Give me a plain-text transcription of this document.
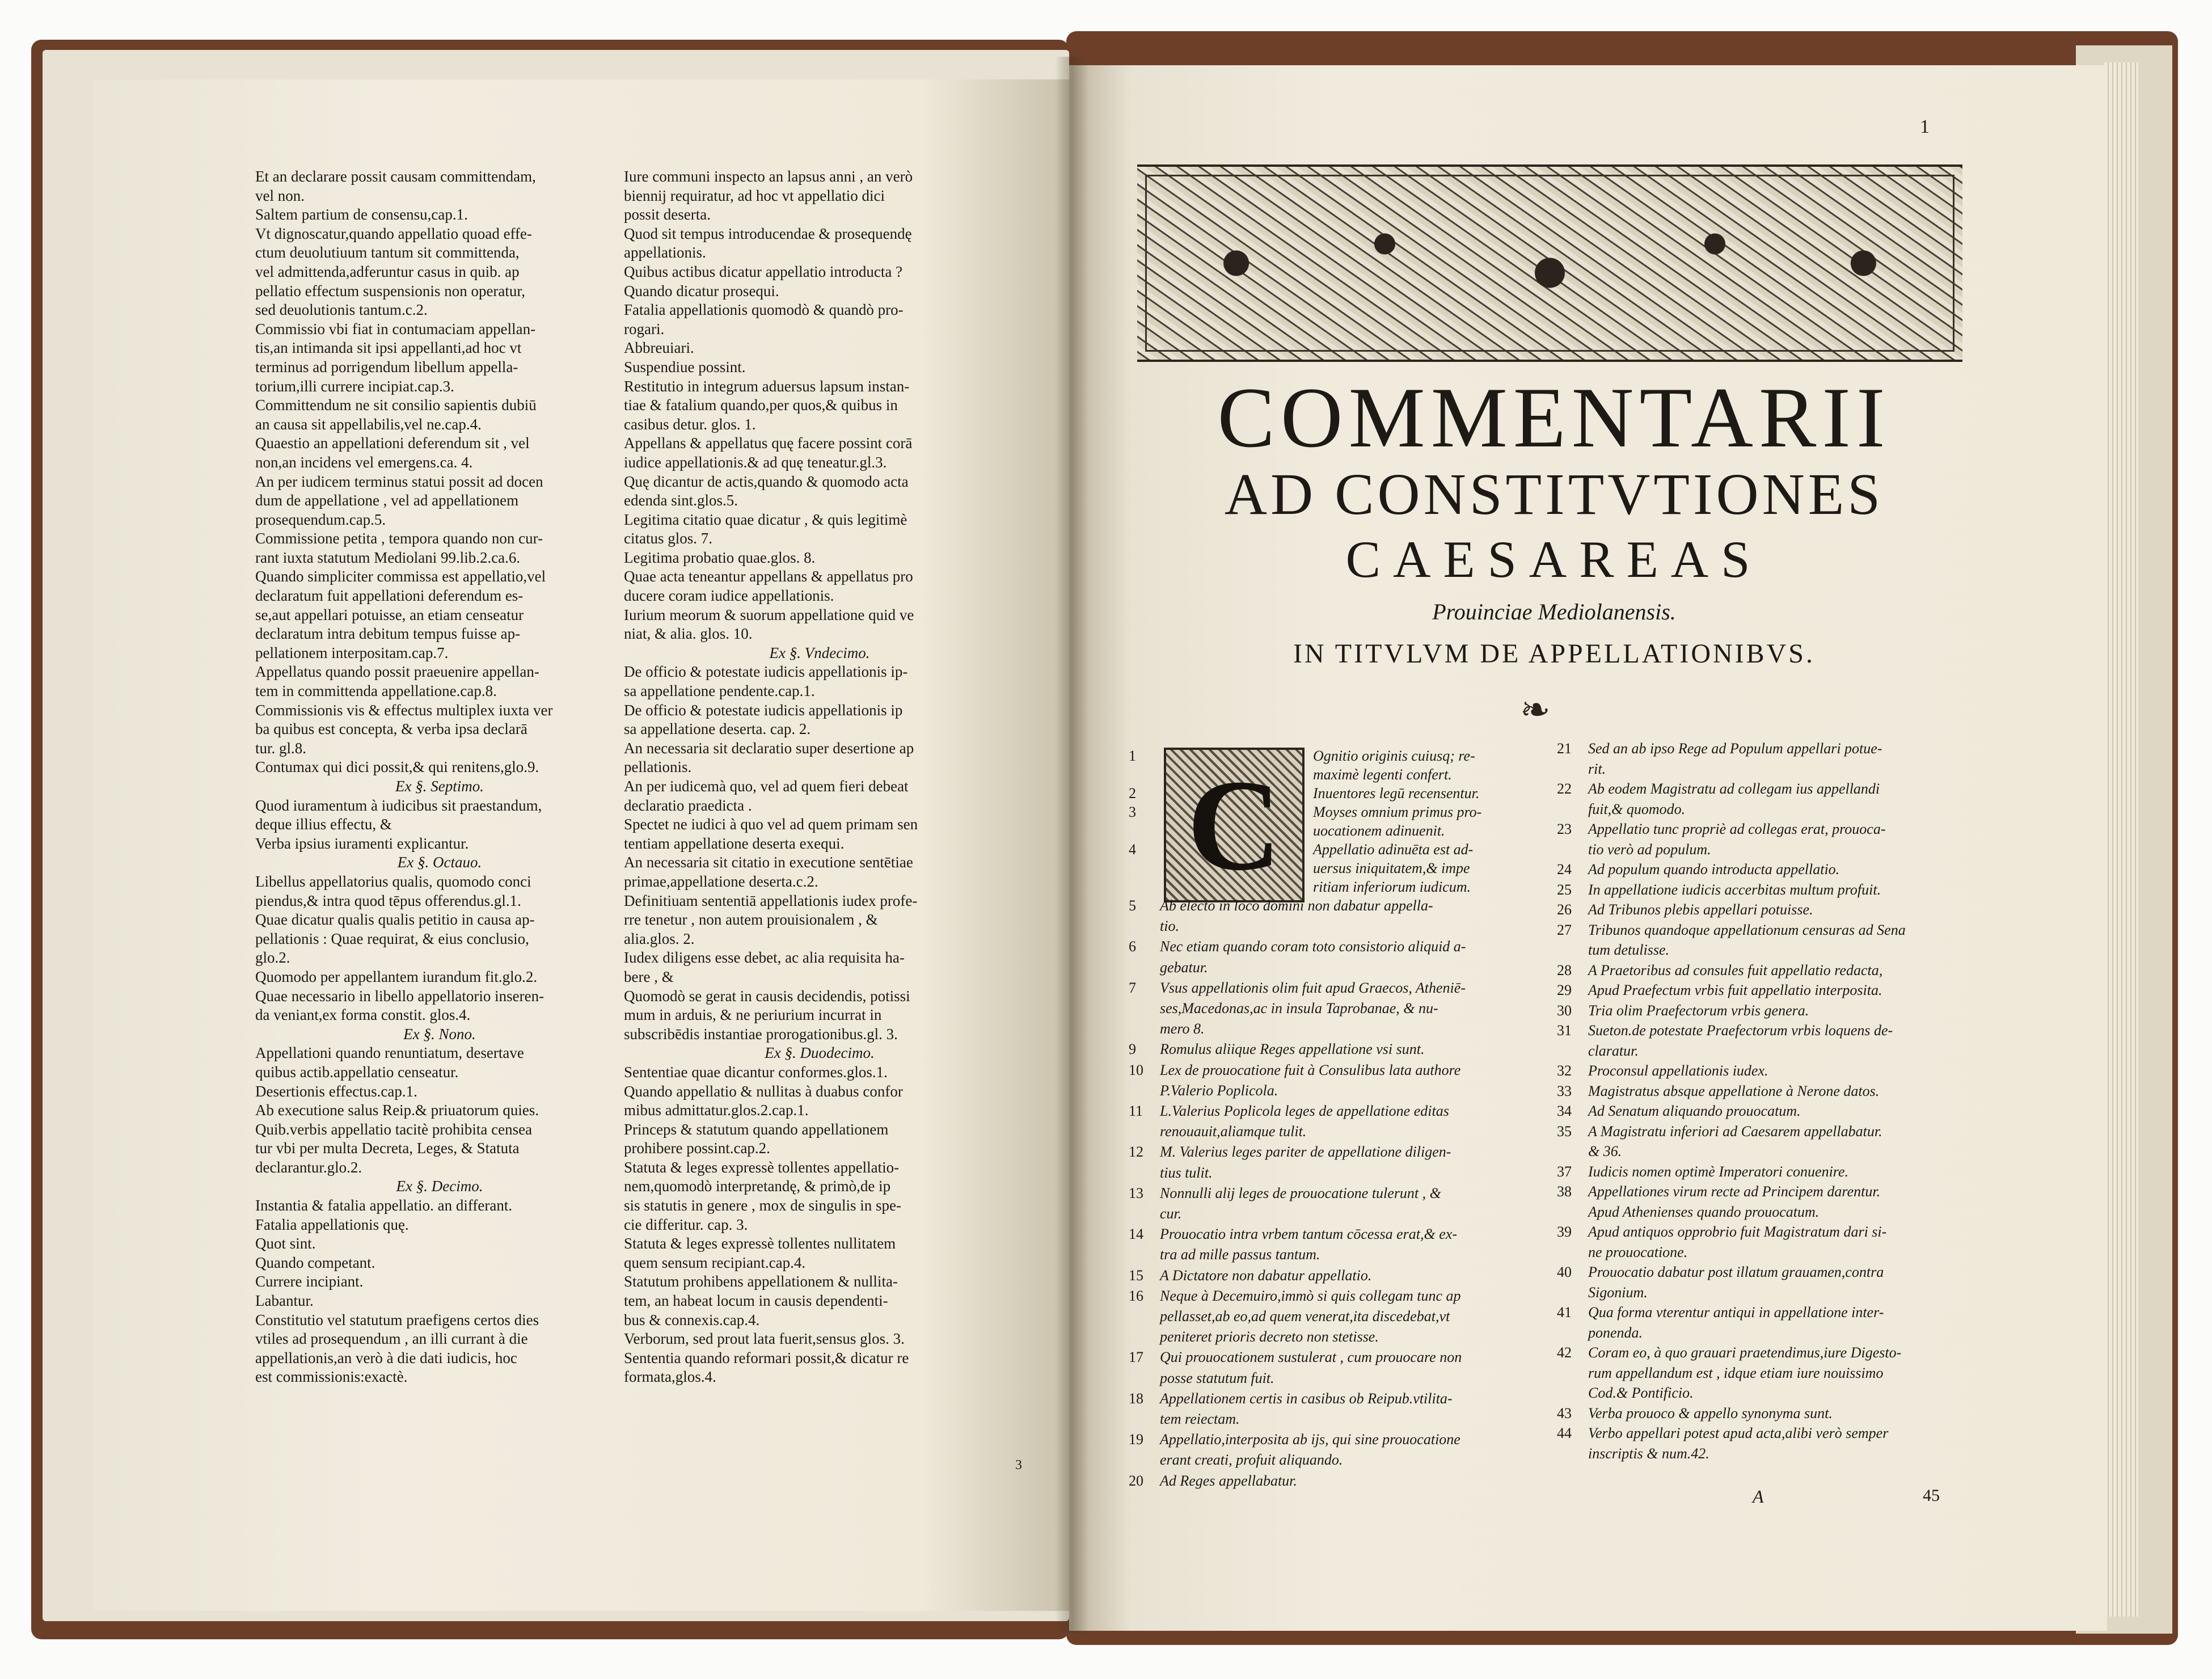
Et an declarare possit causam committendam,
vel non.
Saltem partium de consensu,cap.1.
Vt dignoscatur,quando appellatio quoad effe-
ctum deuolutiuum tantum sit committenda,
vel admittenda,adferuntur casus in quib. ap
pellatio effectum suspensionis non operatur,
sed deuolutionis tantum.c.2.
Commissio vbi fiat in contumaciam appellan-
tis,an intimanda sit ipsi appellanti,ad hoc vt
terminus ad porrigendum libellum appella-
torium,illi currere incipiat.cap.3.
Committendum ne sit consilio sapientis dubiū
an causa sit appellabilis,vel ne.cap.4.
Quaestio an appellationi deferendum sit , vel
non,an incidens vel emergens.ca. 4.
An per iudicem terminus statui possit ad docen
dum de appellatione , vel ad appellationem
prosequendum.cap.5.
Commissione petita , tempora quando non cur-
rant iuxta statutum Mediolani 99.lib.2.ca.6.
Quando simpliciter commissa est appellatio,vel
declaratum fuit appellationi deferendum es-
se,aut appellari potuisse, an etiam censeatur
declaratum intra debitum tempus fuisse ap-
pellationem interpositam.cap.7.
Appellatus quando possit praeuenire appellan-
tem in committenda appellatione.cap.8.
Commissionis vis & effectus multiplex iuxta ver
ba quibus est concepta, & verba ipsa declarā
tur. gl.8.
Contumax qui dici possit,& qui renitens,glo.9.
Ex §. Septimo.
Quod iuramentum à iudicibus sit praestandum,
deque illius effectu, &
Verba ipsius iuramenti explicantur.
Ex §. Octauo.
Libellus appellatorius qualis, quomodo conci
piendus,& intra quod tēpus offerendus.gl.1.
Quae dicatur qualis qualis petitio in causa ap-
pellationis : Quae requirat, & eius conclusio,
glo.2.
Quomodo per appellantem iurandum fit.glo.2.
Quae necessario in libello appellatorio inseren-
da veniant,ex forma constit. glos.4.
Ex §. Nono.
Appellationi quando renuntiatum, desertave
quibus actib.appellatio censeatur.
Desertionis effectus.cap.1.
Ab executione salus Reip.& priuatorum quies.
Quib.verbis appellatio tacitè prohibita censea
tur vbi per multa Decreta, Leges, & Statuta
declarantur.glo.2.
Ex §. Decimo.
Instantia & fatalia appellatio. an differant.
Fatalia appellationis quę.
Quot sint.
Quando competant.
Currere incipiant.
Labantur.
Constitutio vel statutum praefigens certos dies
vtiles ad prosequendum , an illi currant à die
appellationis,an verò à die dati iudicis, hoc
est commissionis:exactè.
Iure communi inspecto an lapsus anni , an verò
biennij requiratur, ad hoc vt appellatio dici
possit deserta.
Quod sit tempus introducendae & prosequendę
appellationis.
Quibus actibus dicatur appellatio introducta ?
Quando dicatur prosequi.
Fatalia appellationis quomodò & quandò pro-
rogari.
Abbreuiari.
Suspendiue possint.
Restitutio in integrum aduersus lapsum instan-
tiae & fatalium quando,per quos,& quibus in
casibus detur. glos. 1.
Appellans & appellatus quę facere possint corā
iudice appellationis.& ad quę teneatur.gl.3.
Quę dicantur de actis,quando & quomodo acta
edenda sint.glos.5.
Legitima citatio quae dicatur , & quis legitimè
citatus glos. 7.
Legitima probatio quae.glos. 8.
Quae acta teneantur appellans & appellatus pro
ducere coram iudice appellationis.
Iurium meorum & suorum appellatione quid ve
niat, & alia. glos. 10.
Ex §. Vndecimo.
De officio & potestate iudicis appellationis ip-
sa appellatione pendente.cap.1.
De officio & potestate iudicis appellationis ip
sa appellatione deserta. cap. 2.
An necessaria sit declaratio super desertione ap
pellationis.
An per iudicemà quo, vel ad quem fieri debeat
declaratio praedicta .
Spectet ne iudici à quo vel ad quem primam sen
tentiam appellatione deserta exequi.
An necessaria sit citatio in executione sentētiae
primae,appellatione deserta.c.2.
Definitiuam sententiā appellationis iudex profe-
rre tenetur , non autem prouisionalem , &
alia.glos. 2.
Iudex diligens esse debet, ac alia requisita ha-
bere , &
Quomodò se gerat in causis decidendis, potissi
mum in arduis, & ne periurium incurrat in
subscribēdis instantiae prorogationibus.gl. 3.
Ex §. Duodecimo.
Sententiae quae dicantur conformes.glos.1.
Quando appellatio & nullitas à duabus confor
mibus admittatur.glos.2.cap.1.
Princeps & statutum quando appellationem
prohibere possint.cap.2.
Statuta & leges expressè tollentes appellatio-
nem,quomodò interpretandę, & primò,de ip
sis statutis in genere , mox de singulis in spe-
cie differitur. cap. 3.
Statuta & leges expressè tollentes nullitatem
quem sensum recipiant.cap.4.
Statutum prohibens appellationem & nullita-
tem, an habeat locum in causis dependenti-
bus & connexis.cap.4.
Verborum, sed prout lata fuerit,sensus glos. 3.
Sententia quando reformari possit,& dicatur re
formata,glos.4.
3
1
COMMENTARII
AD CONSTITVTIONES
CAESAREAS
Prouinciae Mediolanensis.
IN TITVLVM DE APPELLATIONIBVS.
❧
C
1	Ognitio originis cuiusq; re-
maximè legenti confert.
2	Inuentores legū recensentur.
3	Moyses omnium primus pro-
uocationem adinuenit.
4	Appellatio adinuēta est ad-
uersus iniquitatem,& impe
ritiam inferiorum iudicum.
5 Ab electo in loco domini non dabatur appella-
tio.
6 Nec etiam quando coram toto consistorio aliquid a-
gebatur.
7 Vsus appellationis olim fuit apud Graecos, Atheniē-
ses,Macedonas,ac in insula Taprobanae, & nu-
mero 8.
9 Romulus aliique Reges appellatione vsi sunt.
10 Lex de prouocatione fuit à Consulibus lata authore
P.Valerio Poplicola.
11 L.Valerius Poplicola leges de appellatione editas
renouauit,aliamque tulit.
12 M. Valerius leges pariter de appellatione diligen-
tius tulit.
13 Nonnulli alij leges de prouocatione tulerunt , &
cur.
14 Prouocatio intra vrbem tantum cōcessa erat,& ex-
tra ad mille passus tantum.
15 A Dictatore non dabatur appellatio.
16 Neque à Decemuiro,immò si quis collegam tunc ap
pellasset,ab eo,ad quem venerat,ita discedebat,vt
peniteret prioris decreto non stetisse.
17 Qui prouocationem sustulerat , cum prouocare non
posse statutum fuit.
18 Appellationem certis in casibus ob Reipub.vtilita-
tem reiectam.
19 Appellatio,interposita ab ijs, qui sine prouocatione
erant creati, profuit aliquando.
20 Ad Reges appellabatur.
21 Sed an ab ipso Rege ad Populum appellari potue-
rit.
22 Ab eodem Magistratu ad collegam ius appellandi
fuit,& quomodo.
23 Appellatio tunc propriè ad collegas erat, prouoca-
tio verò ad populum.
24 Ad populum quando introducta appellatio.
25 In appellatione iudicis accerbitas multum profuit.
26 Ad Tribunos plebis appellari potuisse.
27 Tribunos quandoque appellationum censuras ad Sena
tum detulisse.
28 A Praetoribus ad consules fuit appellatio redacta,
29 Apud Praefectum vrbis fuit appellatio interposita.
30 Tria olim Praefectorum vrbis genera.
31 Sueton.de potestate Praefectorum vrbis loquens de-
claratur.
32 Proconsul appellationis iudex.
33 Magistratus absque appellatione à Nerone datos.
34 Ad Senatum aliquando prouocatum.
35 A Magistratu inferiori ad Caesarem appellabatur.
& 36.
37 Iudicis nomen optimè Imperatori conuenire.
38 Appellationes virum recte ad Principem darentur.
Apud Athenienses quando prouocatum.
39 Apud antiquos opprobrio fuit Magistratum dari si-
ne prouocatione.
40 Prouocatio dabatur post illatum grauamen,contra
Sigonium.
41 Qua forma vterentur antiqui in appellatione inter-
ponenda.
42 Coram eo, à quo grauari praetendimus,iure Digesto-
rum appellandum est , idque etiam iure nouissimo
Cod.& Pontificio.
43 Verba prouoco & appello synonyma sunt.
44 Verbo appellari potest apud acta,alibi verò semper
inscriptis & num.42.
A	45
